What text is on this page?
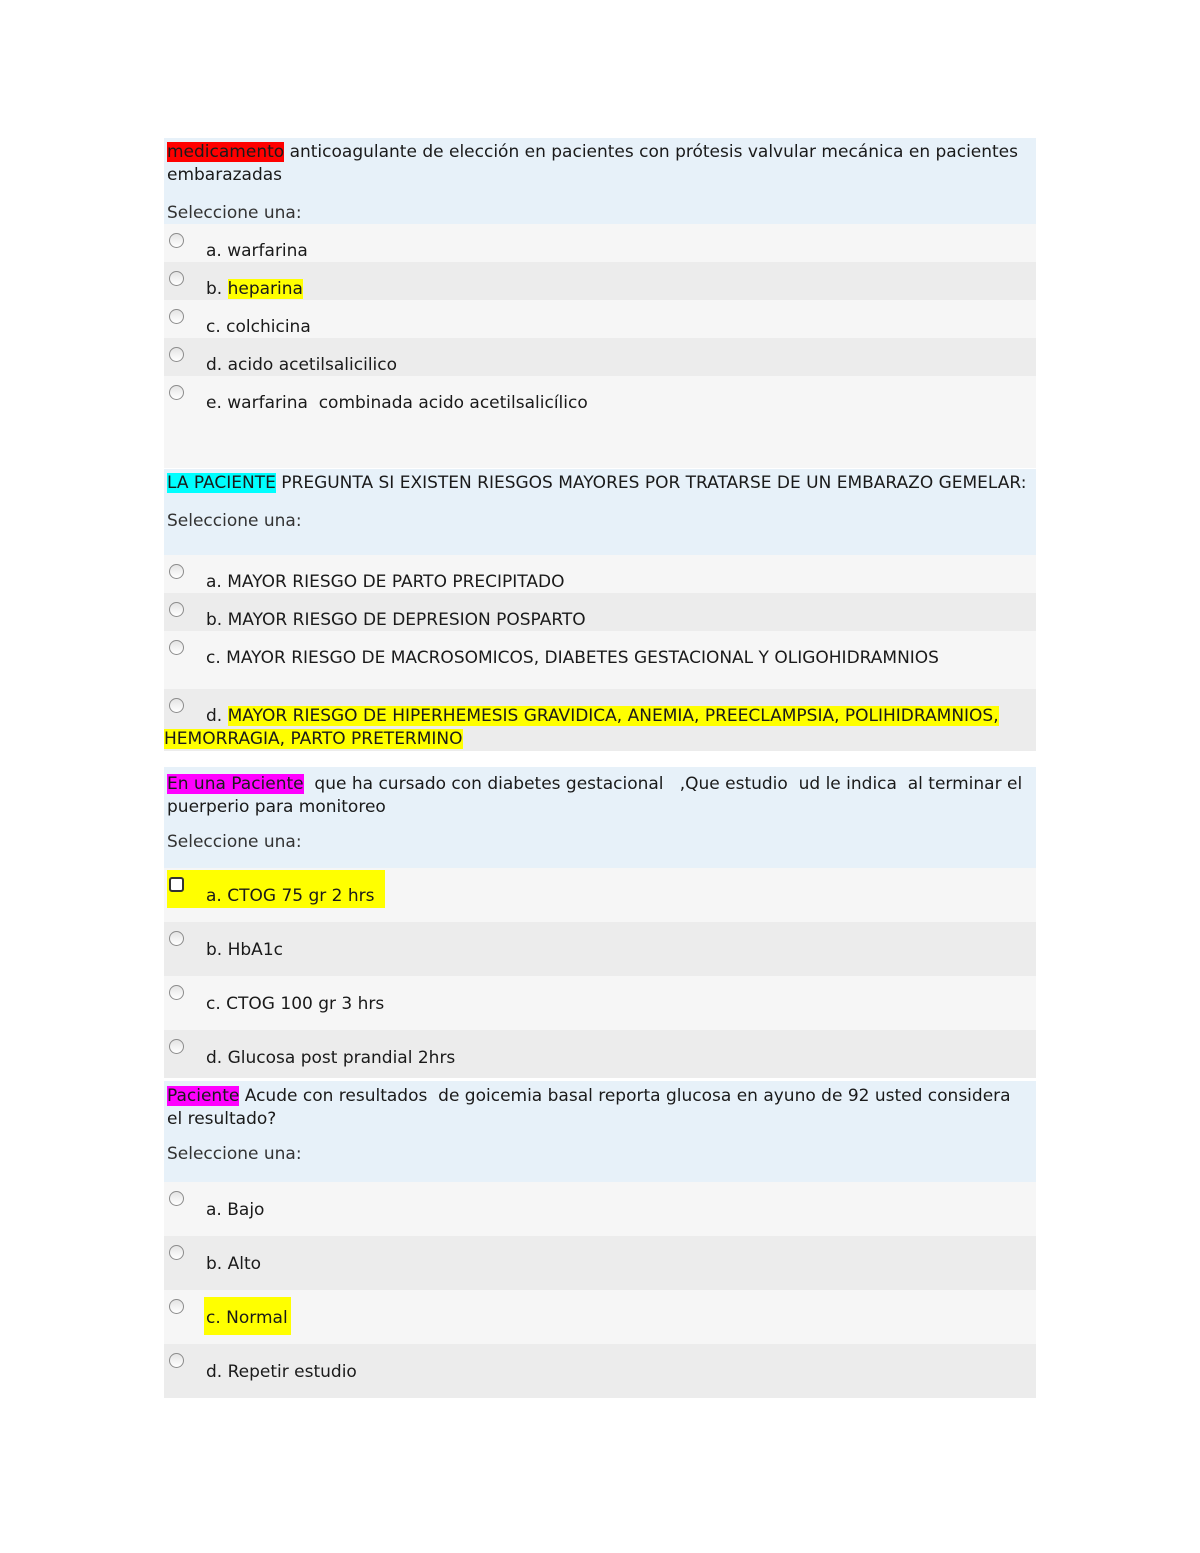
medicamento anticoagulante de elección en pacientes con prótesis valvular mecánica en pacientes embarazadas

Seleccione una:

a. warfarina
b. heparina
c. colchicina
d. acido acetilsalicilico
e. warfarina  combinada acido acetilsalicílico

LA PACIENTE PREGUNTA SI EXISTEN RIESGOS MAYORES POR TRATARSE DE UN EMBARAZO GEMELAR:

Seleccione una:

a. MAYOR RIESGO DE PARTO PRECIPITADO
b. MAYOR RIESGO DE DEPRESION POSPARTO
c. MAYOR RIESGO DE MACROSOMICOS, DIABETES GESTACIONAL Y OLIGOHIDRAMNIOS
d. MAYOR RIESGO DE HIPERHEMESIS GRAVIDICA, ANEMIA, PREECLAMPSIA, POLIHIDRAMNIOS, HEMORRAGIA, PARTO PRETERMINO

En una Paciente  que ha cursado con diabetes gestacional   ,Que estudio  ud le indica  al terminar el puerperio para monitoreo

Seleccione una:

a. CTOG 75 gr 2 hrs
b. HbA1c
c. CTOG 100 gr 3 hrs
d. Glucosa post prandial 2hrs

Paciente Acude con resultados  de goicemia basal reporta glucosa en ayuno de 92 usted considera el resultado?

Seleccione una:

a. Bajo
b. Alto
c. Normal
d. Repetir estudio
